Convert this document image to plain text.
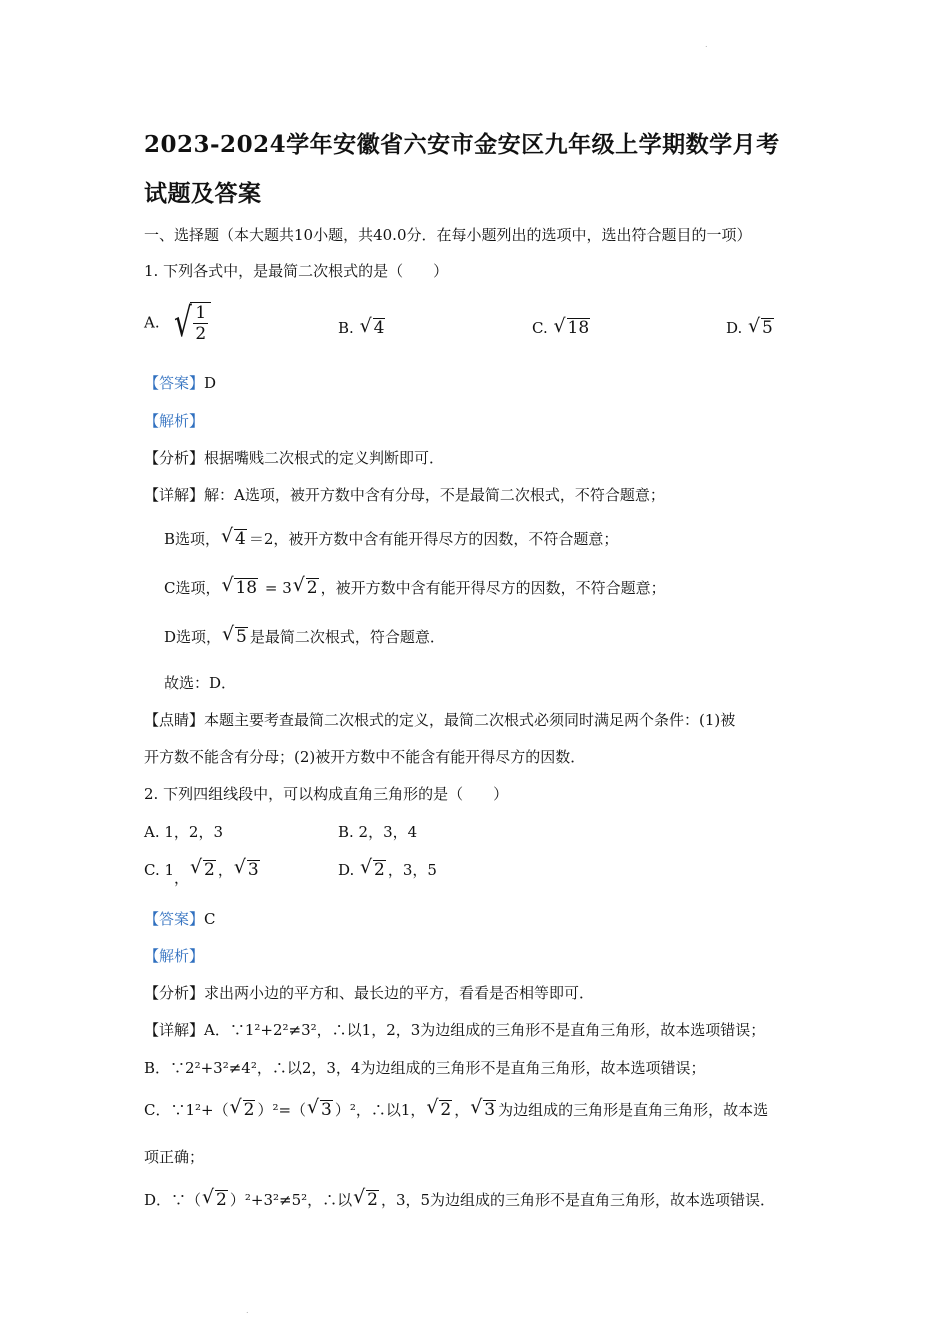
.
2023-2024学年安徽省六安市金安区九年级上学期数学月考
试题及答案
一、选择题（本大题共10小题，共40.0分．在每小题列出的选项中，选出符合题目的一项）
1. 下列各式中，是最简二次根式的是（　　）
A. √ $\frac{1}{2}$	B. √ 4	C. √ 18	D. √ 5
【答案】D
【解析】
【分析】根据嘴贱二次根式的定义判断即可．
【详解】解：A选项，被开方数中含有分母，不是最简二次根式，不符合题意；
B选项， √ 4 ＝2，被开方数中含有能开得尽方的因数，不符合题意；
C选项， √ 18 = 3 √ 2 ，被开方数中含有能开得尽方的因数，不符合题意；
D选项， √ 5 是最简二次根式，符合题意．
故选：D．
【点睛】本题主要考查最简二次根式的定义，最简二次根式必须同时满足两个条件：(1)被
开方数不能含有分母；(2)被开方数中不能含有能开得尽方的因数．
2. 下列四组线段中，可以构成直角三角形的是（　　）
A. 1，2，3	B. 2，3，4
C. 1， √ 2 ， √ 3	D. √ 2 ，3，5
【答案】C
【解析】
【分析】求出两小边的平方和、最长边的平方，看看是否相等即可．
【详解】A．∵1²+2²≠3²，∴以1，2，3为边组成的三角形不是直角三角形，故本选项错误；
B．∵2²+3²≠4²，∴以2，3，4为边组成的三角形不是直角三角形，故本选项错误；
C．∵1²+（ √ 2 ）²=（ √ 3 ）²，∴以1， √ 2 ， √ 3 为边组成的三角形是直角三角形，故本选
项正确；
D．∵（ √ 2 ）²+3²≠5²，∴以 √ 2 ，3，5为边组成的三角形不是直角三角形，故本选项错误．
.
